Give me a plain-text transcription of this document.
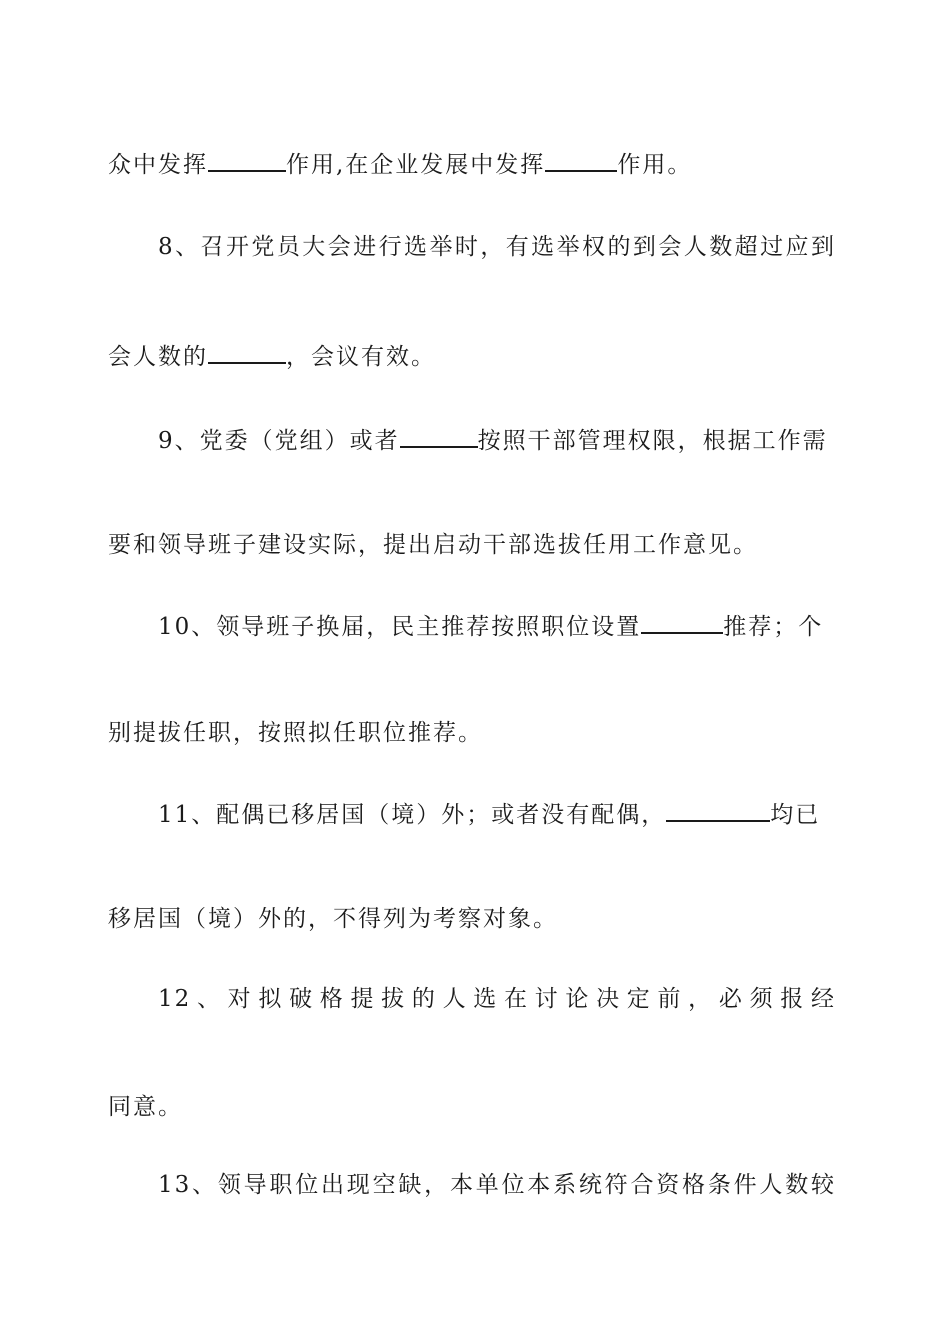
众中发挥	作用,在企业发展中发挥	作用。
8、召开党员大会进行选举时，有选举权的到会人数超过应到
会人数的	，会议有效。
9、党委（党组）或者	按照干部管理权限，根据工作需
要和领导班子建设实际，提出启动干部选拔任用工作意见。
10、领导班子换届，民主推荐按照职位设置	推荐；个
别提拔任职，按照拟任职位推荐。
11、配偶已移居国（境）外；或者没有配偶，	均已
移居国（境）外的，不得列为考察对象。
12、对拟破格提拔的人选在讨论决定前，必须报经
同意。
13、领导职位出现空缺，本单位本系统符合资格条件人数较
